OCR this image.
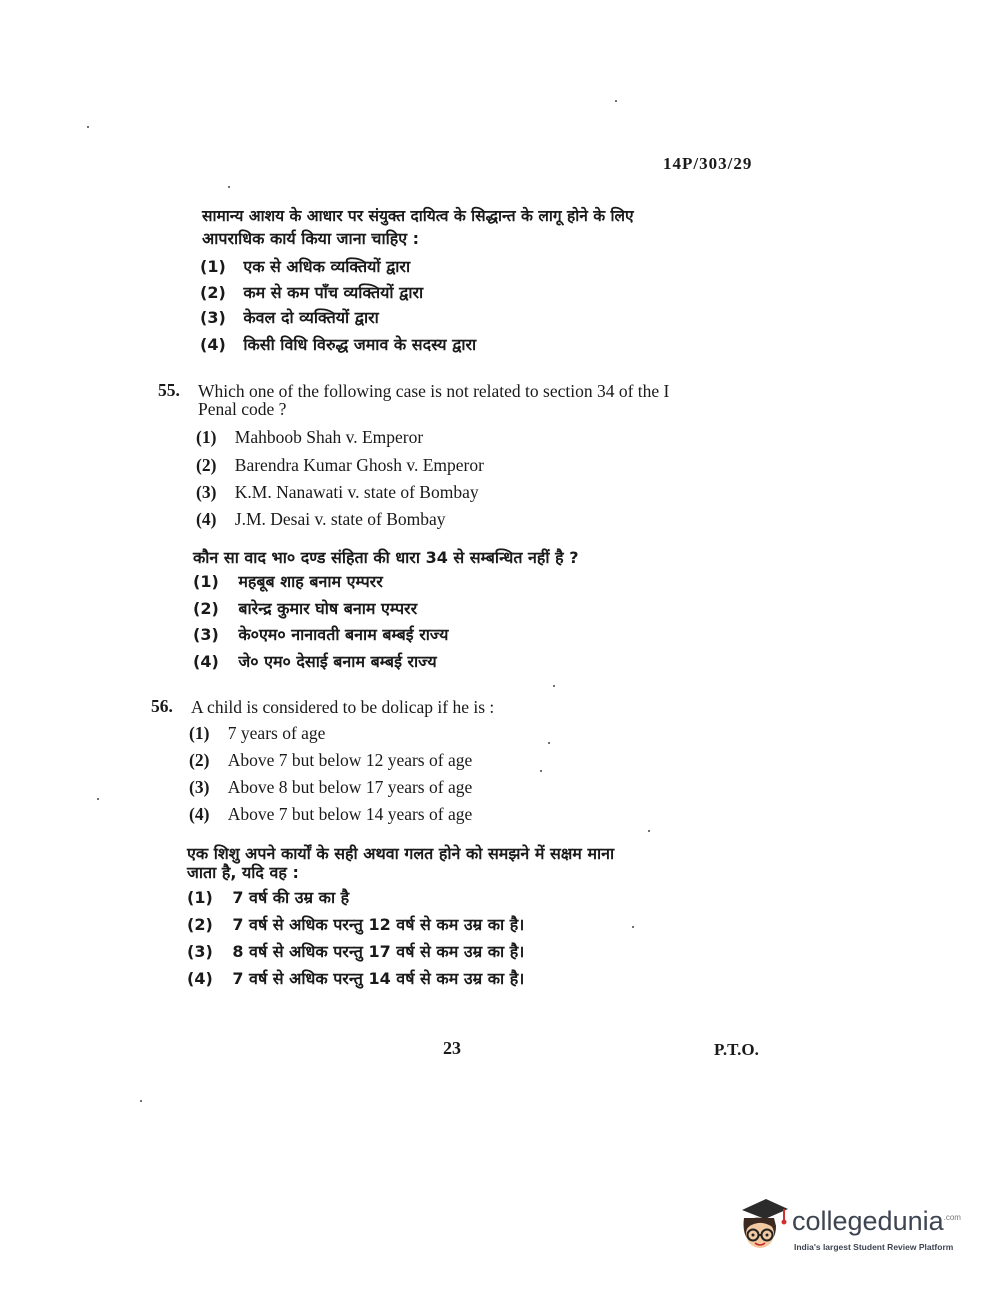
14P/303/29
सामान्य आशय के आधार पर संयुक्त दायित्व के सिद्धान्त के लागू होने के लिए
आपराधिक कार्य किया जाना चाहिए :
(1) एक से अधिक व्यक्तियों द्वारा
(2) कम से कम पाँच व्यक्तियों द्वारा
(3) केवल दो व्यक्तियों द्वारा
(4) किसी विधि विरुद्ध जमाव के सदस्य द्वारा
55. Which one of the following case is not related to section 34 of the I
Penal code ?
(1) Mahboob Shah v. Emperor
(2) Barendra Kumar Ghosh v. Emperor
(3) K.M. Nanawati v. state of Bombay
(4) J.M. Desai v. state of Bombay
कौन सा वाद भा० दण्ड संहिता की धारा 34 से सम्बन्धित नहीं है ?
(1) महबूब शाह बनाम एम्परर
(2) बारेन्द्र कुमार घोष बनाम एम्परर
(3) के०एम० नानावती बनाम बम्बई राज्य
(4) जे० एम० देसाई बनाम बम्बई राज्य
56. A child is considered to be dolicap if he is :
(1) 7 years of age
(2) Above 7 but below 12 years of age
(3) Above 8 but below 17 years of age
(4) Above 7 but below 14 years of age
एक शिशु अपने कार्यों के सही अथवा गलत होने को समझने में सक्षम माना
जाता है, यदि वह :
(1) 7 वर्ष की उम्र का है
(2) 7 वर्ष से अधिक परन्तु 12 वर्ष से कम उम्र का है।
(3) 8 वर्ष से अधिक परन्तु 17 वर्ष से कम उम्र का है।
(4) 7 वर्ष से अधिक परन्तु 14 वर्ष से कम उम्र का है।
23	P.T.O.
collegedunia$^{.com}$
India's largest Student Review Platform
